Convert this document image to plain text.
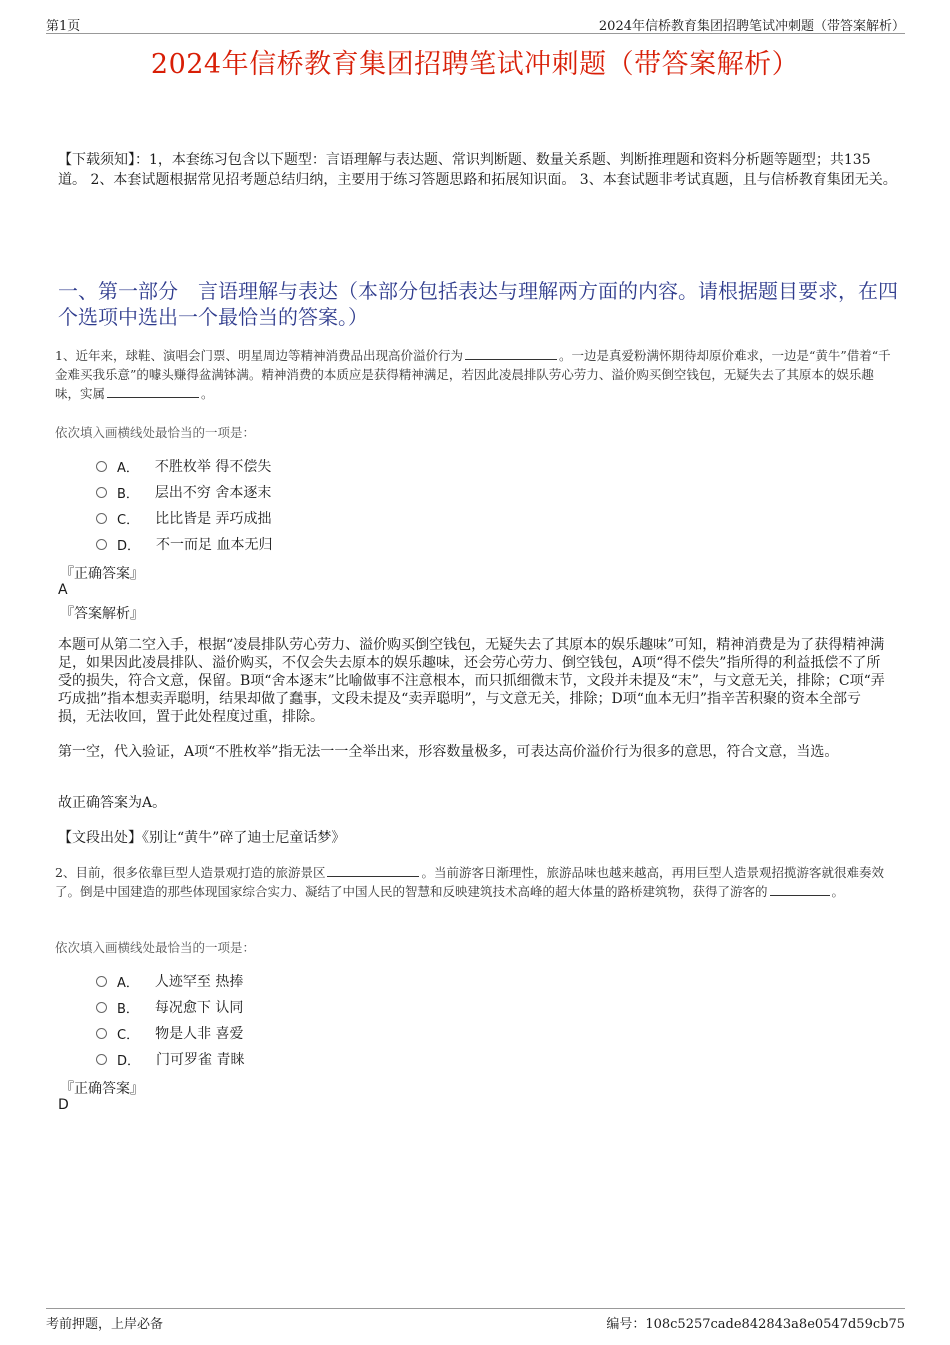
第1页	2024年信桥教育集团招聘笔试冲刺题（带答案解析）
2024年信桥教育集团招聘笔试冲刺题（带答案解析）
【下载须知】：1，本套练习包含以下题型：言语理解与表达题、常识判断题、数量关系题、判断推理题和资料分析题等题型；共135道。 2、本套试题根据常见招考题总结归纳，主要用于练习答题思路和拓展知识面。 3、本套试题非考试真题，且与信桥教育集团无关。
一、第一部分　言语理解与表达（本部分包括表达与理解两方面的内容。请根据题目要求，在四个选项中选出一个最恰当的答案。）
1、近年来，球鞋、演唱会门票、明星周边等精神消费品出现高价溢价行为	。一边是真爱粉满怀期待却原价难求，一边是“黄牛”借着“千金难买我乐意”的噱头赚得盆满钵满。精神消费的本质应是获得精神满足，若因此凌晨排队劳心劳力、溢价购买倒空钱包，无疑失去了其原本的娱乐趣味，实属	。
依次填入画横线处最恰当的一项是：
A． 不胜枚举 得不偿失
B． 层出不穷 舍本逐末
C． 比比皆是 弄巧成拙
D． 不一而足 血本无归
『正确答案』
A
『答案解析』
本题可从第二空入手，根据“凌晨排队劳心劳力、溢价购买倒空钱包，无疑失去了其原本的娱乐趣味”可知，精神消费是为了获得精神满足，如果因此凌晨排队、溢价购买，不仅会失去原本的娱乐趣味，还会劳心劳力、倒空钱包，A项“得不偿失”指所得的利益抵偿不了所受的损失，符合文意，保留。B项“舍本逐末”比喻做事不注意根本，而只抓细微末节，文段并未提及“末”，与文意无关，排除；C项“弄巧成拙”指本想卖弄聪明，结果却做了蠢事，文段未提及“卖弄聪明”，与文意无关，排除；D项“血本无归”指辛苦积聚的资本全部亏损，无法收回，置于此处程度过重，排除。
第一空，代入验证，A项“不胜枚举”指无法一一全举出来，形容数量极多，可表达高价溢价行为很多的意思，符合文意，当选。
故正确答案为A。
【文段出处】《别让“黄牛”碎了迪士尼童话梦》
2、目前，很多依靠巨型人造景观打造的旅游景区	。当前游客日渐理性，旅游品味也越来越高，再用巨型人造景观招揽游客就很难奏效了。倒是中国建造的那些体现国家综合实力、凝结了中国人民的智慧和反映建筑技术高峰的超大体量的路桥建筑物，获得了游客的	。
依次填入画横线处最恰当的一项是：
A． 人迹罕至 热捧
B． 每况愈下 认同
C． 物是人非 喜爱
D． 门可罗雀 青睐
『正确答案』
D
考前押题，上岸必备	编号：108c5257cade842843a8e0547d59cb75
